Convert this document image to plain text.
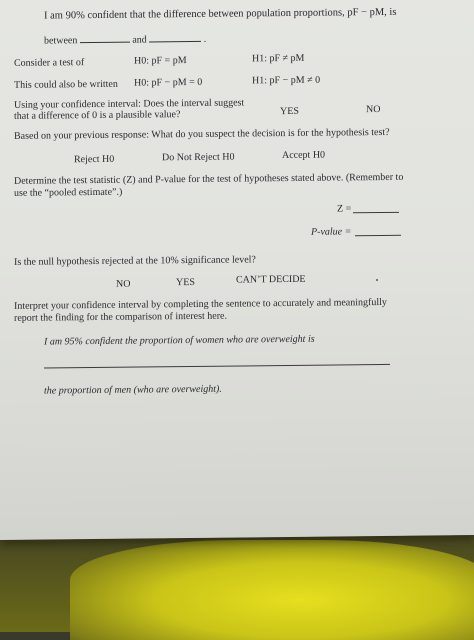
I am 90% confident that the difference between population proportions, pF − pM, is
between	and	.
Consider a test of	H0: pF = pM	H1: pF ≠ pM
This could also be written H0: pF − pM = 0	H1: pF − pM ≠ 0
Using your confidence interval: Does the interval suggest
that a difference of 0 is a plausible value?	YES	NO
Based on your previous response: What do you suspect the decision is for the hypothesis test?
Reject H0	Do Not Reject H0	Accept H0
Determine the test statistic (Z) and P-value for the test of hypotheses stated above. (Remember to
use the “pooled estimate”.)
Z =
P-value =
Is the null hypothesis rejected at the 10% significance level?
NO	YES	CAN’T DECIDE
Interpret your confidence interval by completing the sentence to accurately and meaningfully
report the finding for the comparison of interest here.
I am 95% confident the proportion of women who are overweight is
the proportion of men (who are overweight).
